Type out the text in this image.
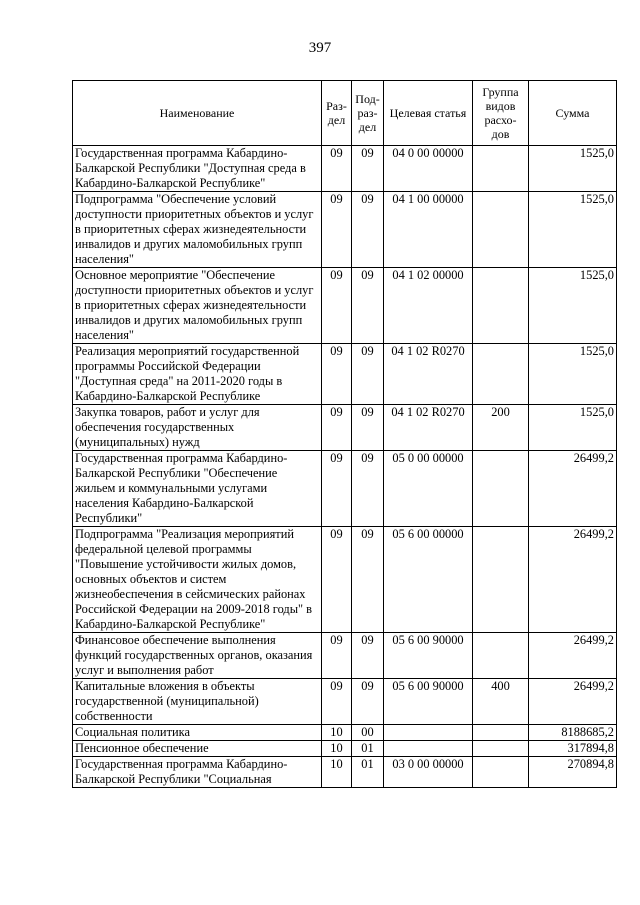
397
Наименование	Раз- дел	Под- раз- дел	Целевая статья	Группа видов расхо- дов	Сумма
Государственная программа Кабардино-Балкарской Республики "Доступная среда в Кабардино-Балкарской Республике"	09	09	04 0 00 00000		1525,0
Подпрограмма "Обеспечение условий доступности приоритетных объектов и услуг в приоритетных сферах жизнедеятельности инвалидов и других маломобильных групп населения"	09	09	04 1 00 00000		1525,0
Основное мероприятие "Обеспечение доступности приоритетных объектов и услуг в приоритетных сферах жизнедеятельности инвалидов и других маломобильных групп населения"	09	09	04 1 02 00000		1525,0
Реализация мероприятий государственной программы Российской Федерации "Доступная среда" на 2011-2020 годы в Кабардино-Балкарской Республике	09	09	04 1 02 R0270		1525,0
Закупка товаров, работ и услуг для обеспечения государственных (муниципальных) нужд	09	09	04 1 02 R0270	200	1525,0
Государственная программа Кабардино-Балкарской Республики "Обеспечение жильем и коммунальными услугами населения Кабардино-Балкарской Республики"	09	09	05 0 00 00000		26499,2
Подпрограмма "Реализация мероприятий федеральной целевой программы "Повышение устойчивости жилых домов, основных объектов и систем жизнеобеспечения в сейсмических районах Российской Федерации на 2009-2018 годы" в Кабардино-Балкарской Республике"	09	09	05 6 00 00000		26499,2
Финансовое обеспечение выполнения функций государственных органов, оказания услуг и выполнения работ	09	09	05 6 00 90000		26499,2
Капитальные вложения в объекты государственной (муниципальной) собственности	09	09	05 6 00 90000	400	26499,2
Социальная политика	10	00			8188685,2
Пенсионное обеспечение	10	01			317894,8
Государственная программа Кабардино-Балкарской Республики "Социальная	10	01	03 0 00 00000		270894,8
